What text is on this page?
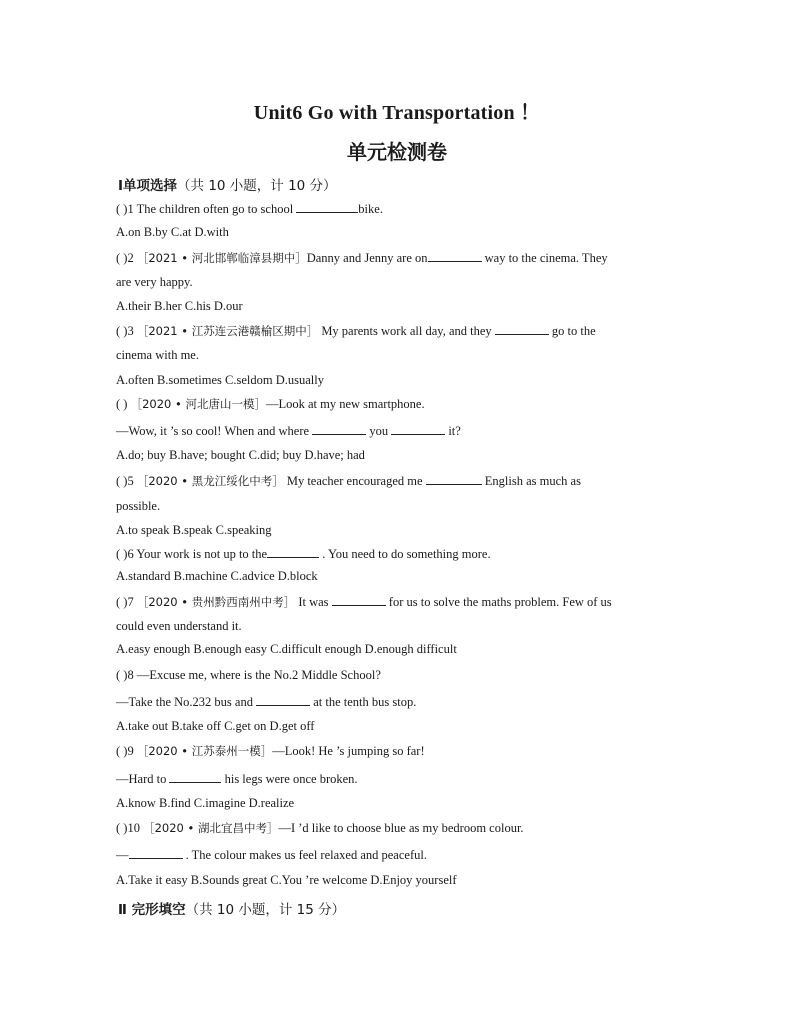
Unit6 Go with Transportation ！
单元检测卷
Ⅰ单项选择（共 10 小题，计 10 分）
( )1 The children often go to school	bike.
A.on B.by C.at D.with
( )2 ［2021 • 河北邯郸临漳县期中］Danny and Jenny are on	way to the cinema. They
are very happy.
A.their B.her C.his D.our
( )3 ［2021 • 江苏连云港赣榆区期中］ My parents work all day, and they	go to the
cinema with me.
A.often B.sometimes C.seldom D.usually
( ) ［2020 • 河北唐山一模］—Look at my new smartphone.
—Wow, it ’s so cool! When and where	you	it?
A.do; buy B.have; bought C.did; buy D.have; had
( )5 ［2020 • 黑龙江绥化中考］ My teacher encouraged me	English as much as
possible.
A.to speak B.speak C.speaking
( )6 Your work is not up to the	. You need to do something more.
A.standard B.machine C.advice D.block
( )7 ［2020 • 贵州黔西南州中考］ It was	for us to solve the maths problem. Few of us
could even understand it.
A.easy enough B.enough easy C.difficult enough D.enough difficult
( )8 —Excuse me, where is the No.2 Middle School?
—Take the No.232 bus and	at the tenth bus stop.
A.take out B.take off C.get on D.get off
( )9 ［2020 • 江苏泰州一模］—Look! He ’s jumping so far!
—Hard to	his legs were once broken.
A.know B.find C.imagine D.realize
( )10 ［2020 • 湖北宜昌中考］—I ’d like to choose blue as my bedroom colour.
—	. The colour makes us feel relaxed and peaceful.
A.Take it easy B.Sounds great C.You ’re welcome D.Enjoy yourself
Ⅱ 完形填空（共 10 小题，计 15 分）
